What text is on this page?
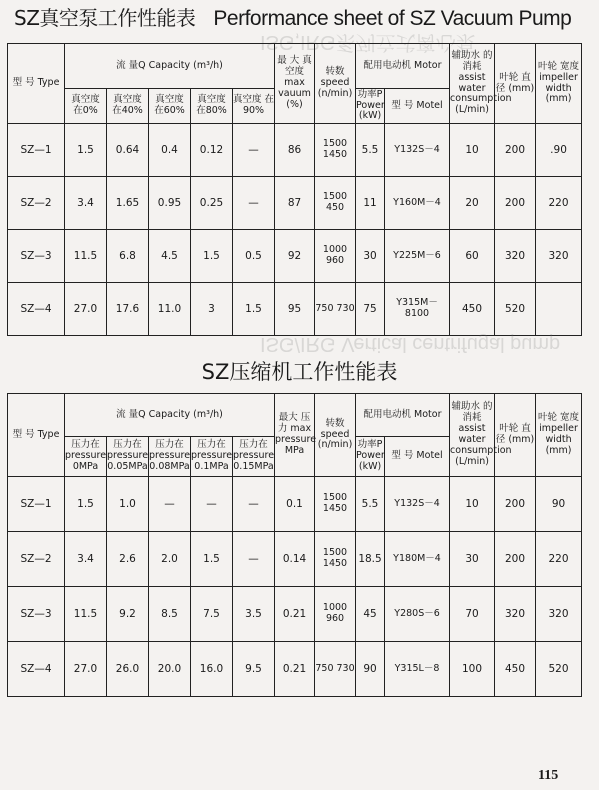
SZ真空泵工作性能表 Performance sheet of SZ Vacuum Pump
ISG,IRG系列立式离心泵
型 号 Type	流 量Q Capacity (m³/h)					最 大 真空度 max vauum (%)	转数 speed (n/min)	配用电动机 Motor		辅助水 的消耗 assist water consumption (L/min)	叶轮 直径 (mm)	叶轮 宽度 impeller width (mm)
	真空度 在0%	真空度 在40%	真空度 在60%	真空度 在80%	真空度 在90%			功率P Power (kW)	型 号 Motel			
SZ—1	1.5	0.64	0.4	0.12	—	86	1500 1450	5.5	Y132S－4	10	200	.90
SZ—2	3.4	1.65	0.95	0.25	—	87	1500 450	11	Y160M－4	20	200	220
SZ—3	11.5	6.8	4.5	1.5	0.5	92	1000 960	30	Y225M－6	60	320	320
SZ—4	27.0	17.6	11.0	3	1.5	95	750 730	75	Y315M－8100	450	520	
ISG/IRG Vertical centrifugal pump
SZ压缩机工作性能表
型 号 Type	流 量Q Capacity (m³/h)					最大 压力 max pressure MPa	转数 speed (n/min)	配用电动机 Motor		辅助水 的消耗 assist water consumption (L/min)	叶轮 直径 (mm)	叶轮 宽度 impeller width (mm)
	压力在 pressure 0MPa	压力在 pressure 0.05MPa	压力在 pressure 0.08MPa	压力在 pressure 0.1MPa	压力在 pressure 0.15MPa			功率P Power (kW)	型 号 Motel			
SZ—1	1.5	1.0	—	—	—	0.1	1500 1450	5.5	Y132S－4	10	200	90
SZ—2	3.4	2.6	2.0	1.5	—	0.14	1500 1450	18.5	Y180M－4	30	200	220
SZ—3	11.5	9.2	8.5	7.5	3.5	0.21	1000 960	45	Y280S－6	70	320	320
SZ—4	27.0	26.0	20.0	16.0	9.5	0.21	750 730	90	Y315L－8	100	450	520
115
